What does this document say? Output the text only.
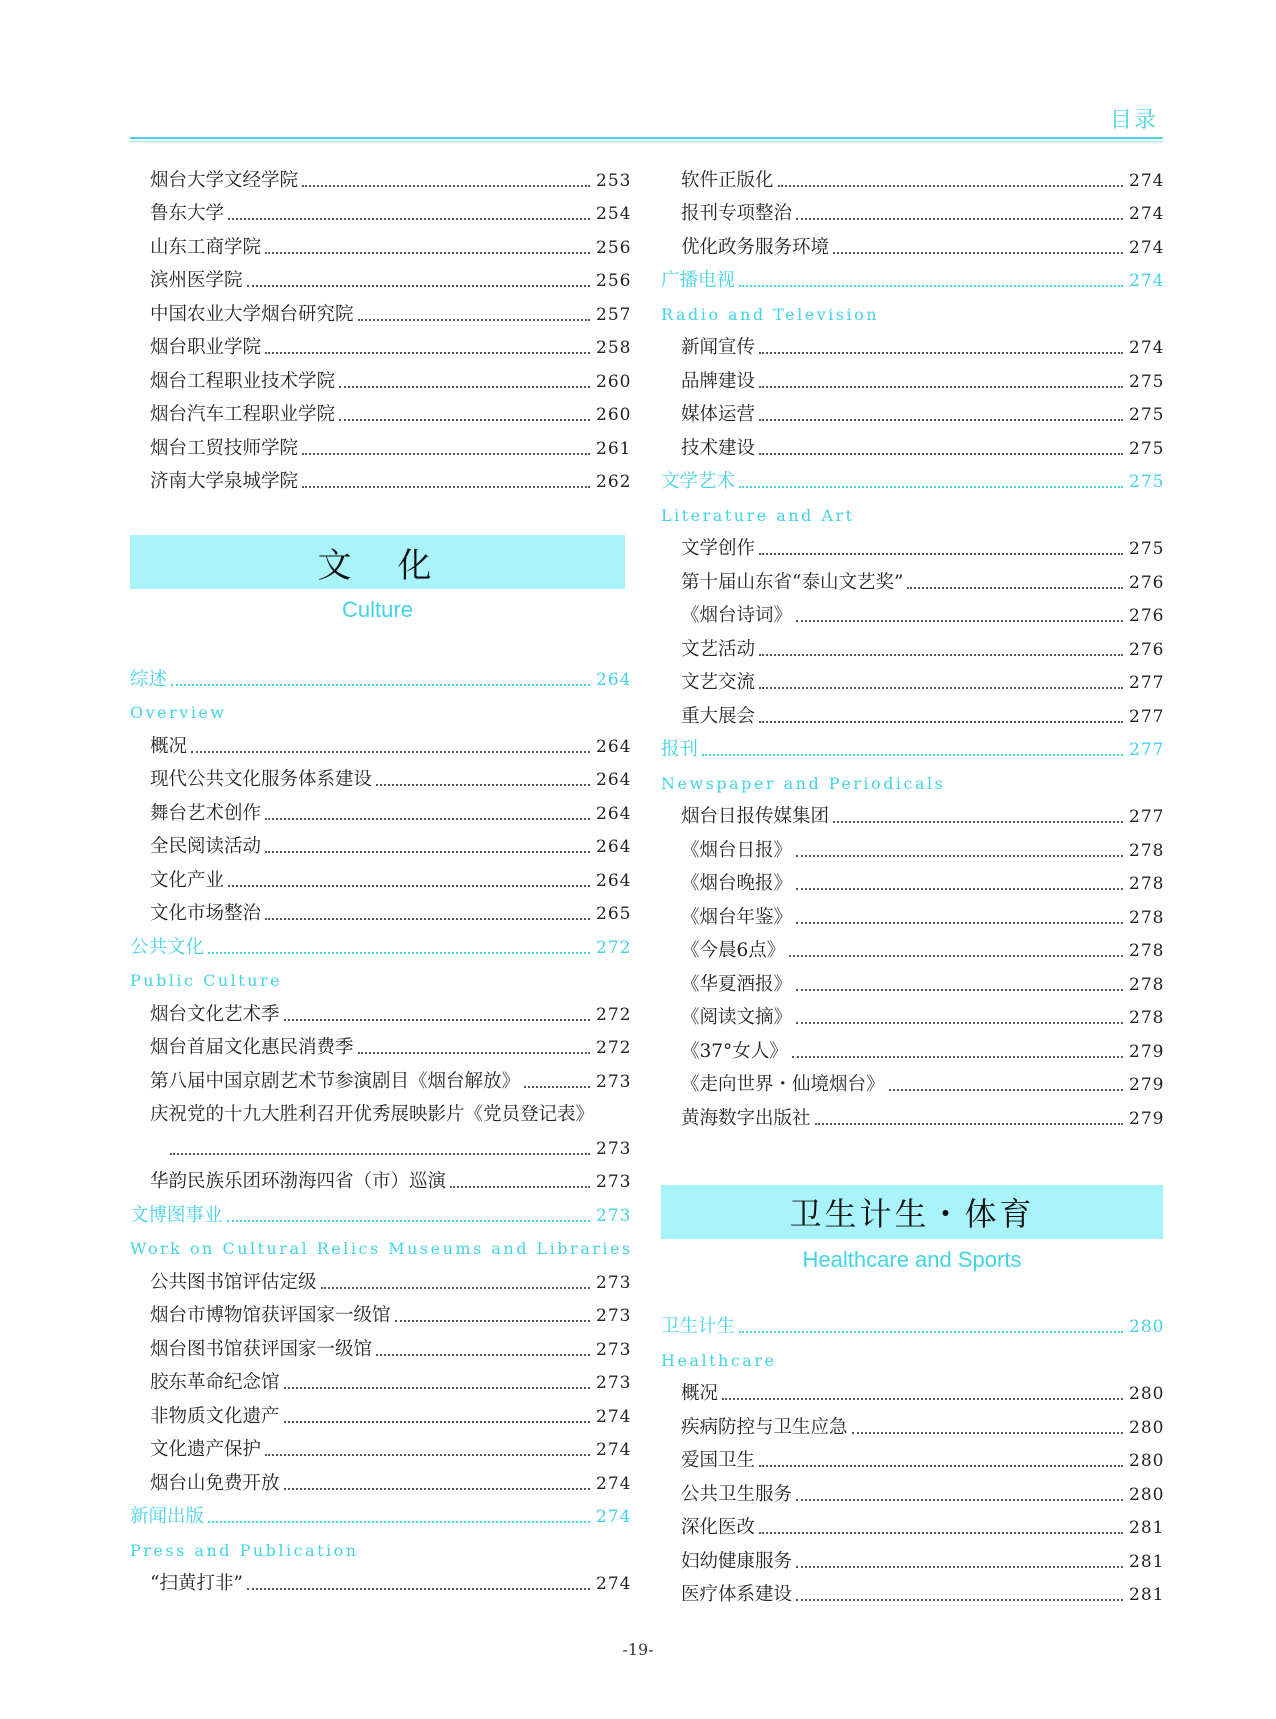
目录
烟台大学文经学院	253
鲁东大学	254
山东工商学院	256
滨州医学院	256
中国农业大学烟台研究院	257
烟台职业学院	258
烟台工程职业技术学院	260
烟台汽车工程职业学院	260
烟台工贸技师学院	261
济南大学泉城学院	262
文　化
Culture
综述	264
Overview
概况	264
现代公共文化服务体系建设	264
舞台艺术创作	264
全民阅读活动	264
文化产业	264
文化市场整治	265
公共文化	272
Public Culture
烟台文化艺术季	272
烟台首届文化惠民消费季	272
第八届中国京剧艺术节参演剧目《烟台解放》	273
庆祝党的十九大胜利召开优秀展映影片《党员登记表》
273
华韵民族乐团环渤海四省（市）巡演	273
文博图事业	273
Work on Cultural Relics Museums and Libraries
公共图书馆评估定级	273
烟台市博物馆获评国家一级馆	273
烟台图书馆获评国家一级馆	273
胶东革命纪念馆	273
非物质文化遗产	274
文化遗产保护	274
烟台山免费开放	274
新闻出版	274
Press and Publication
“扫黄打非”	274
软件正版化	274
报刊专项整治	274
优化政务服务环境	274
广播电视	274
Radio and Television
新闻宣传	274
品牌建设	275
媒体运营	275
技术建设	275
文学艺术	275
Literature and Art
文学创作	275
第十届山东省“泰山文艺奖”	276
《烟台诗词》	276
文艺活动	276
文艺交流	277
重大展会	277
报刊	277
Newspaper and Periodicals
烟台日报传媒集团	277
《烟台日报》	278
《烟台晚报》	278
《烟台年鉴》	278
《今晨6点》	278
《华夏酒报》	278
《阅读文摘》	278
《37°女人》	279
《走向世界・仙境烟台》	279
黄海数字出版社	279
卫生计生・体育
Healthcare and Sports
卫生计生	280
Healthcare
概况	280
疾病防控与卫生应急	280
爱国卫生	280
公共卫生服务	280
深化医改	281
妇幼健康服务	281
医疗体系建设	281
-19-
